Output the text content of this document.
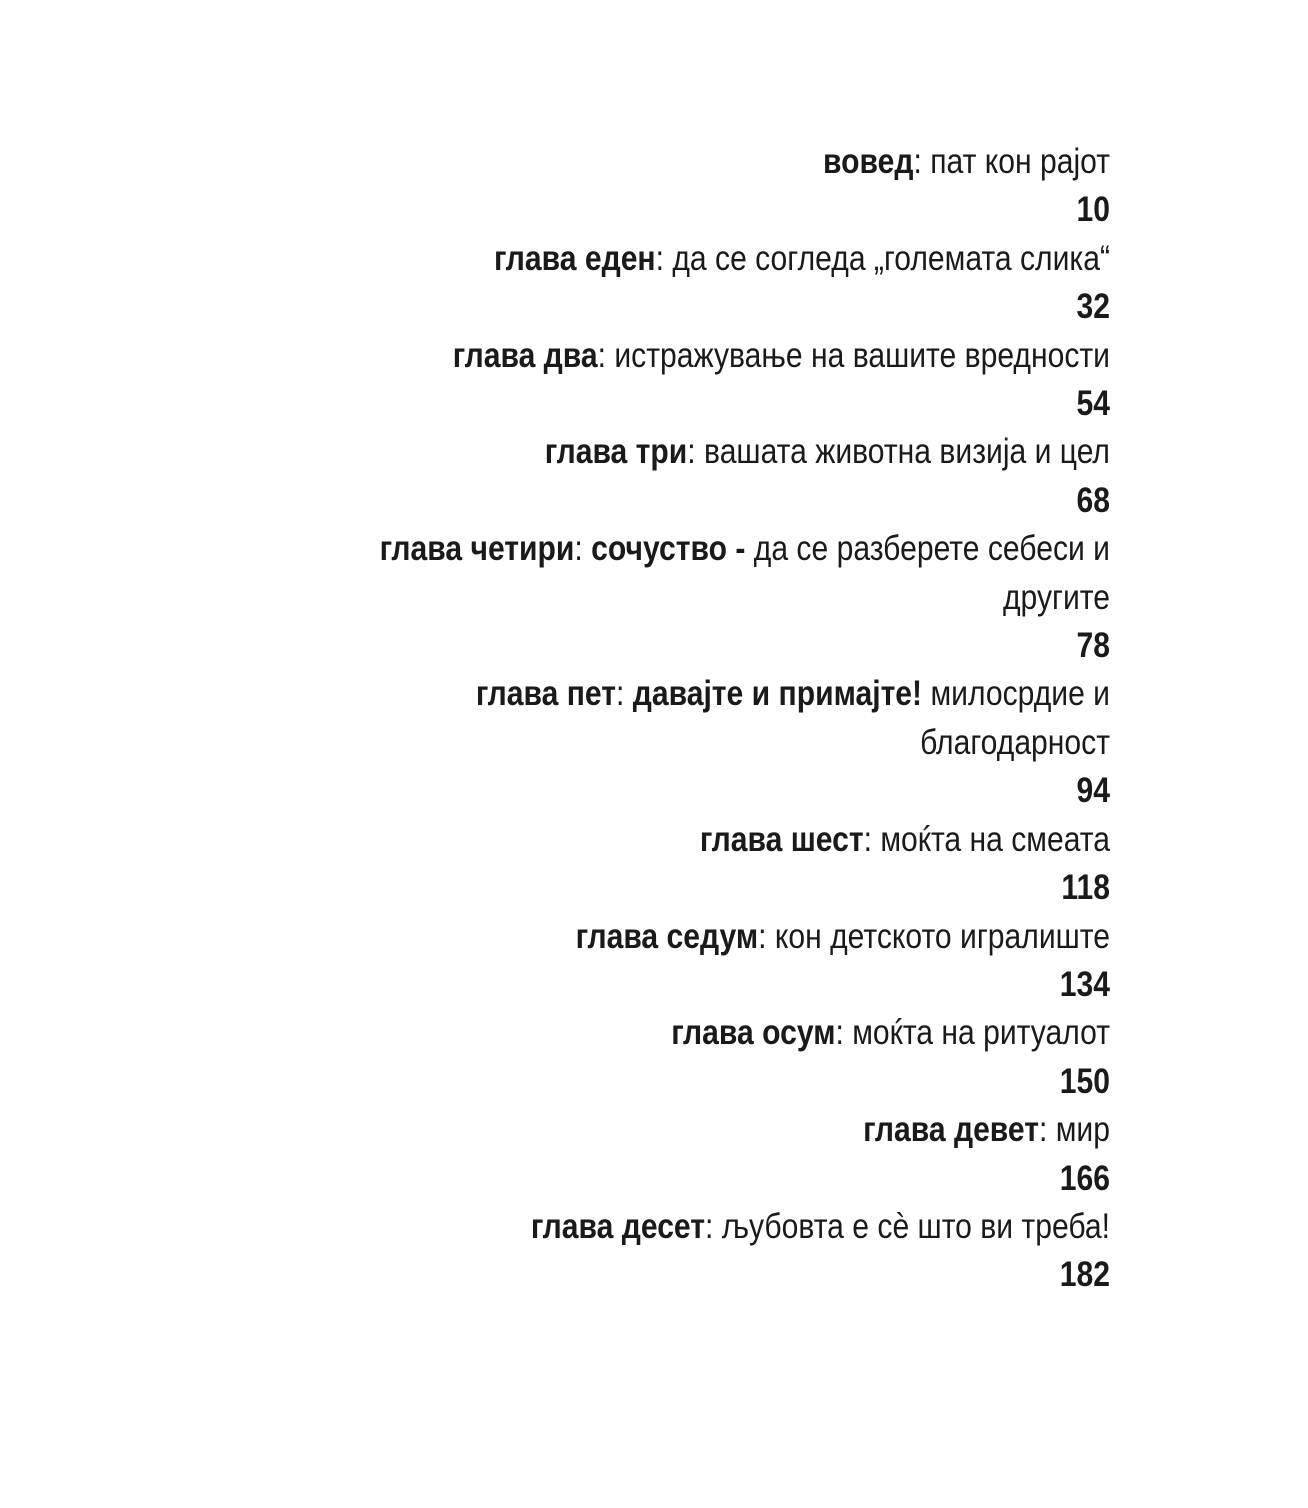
вовед: пат кон рајот
10
глава еден: да се согледа „големата слика“
32
глава два: истражување на вашите вредности
54
глава три: вашата животна визија и цел
68
глава четири: сочуство - да се разберете себеси и
другите
78
глава пет: давајте и примајте! милосрдие и
благодарност
94
глава шест: моќта на смеата
118
глава седум: кон детското игралиште
134
глава осум: моќта на ритуалот
150
глава девет: мир
166
глава десет: љубовта е сѐ што ви треба!
182
